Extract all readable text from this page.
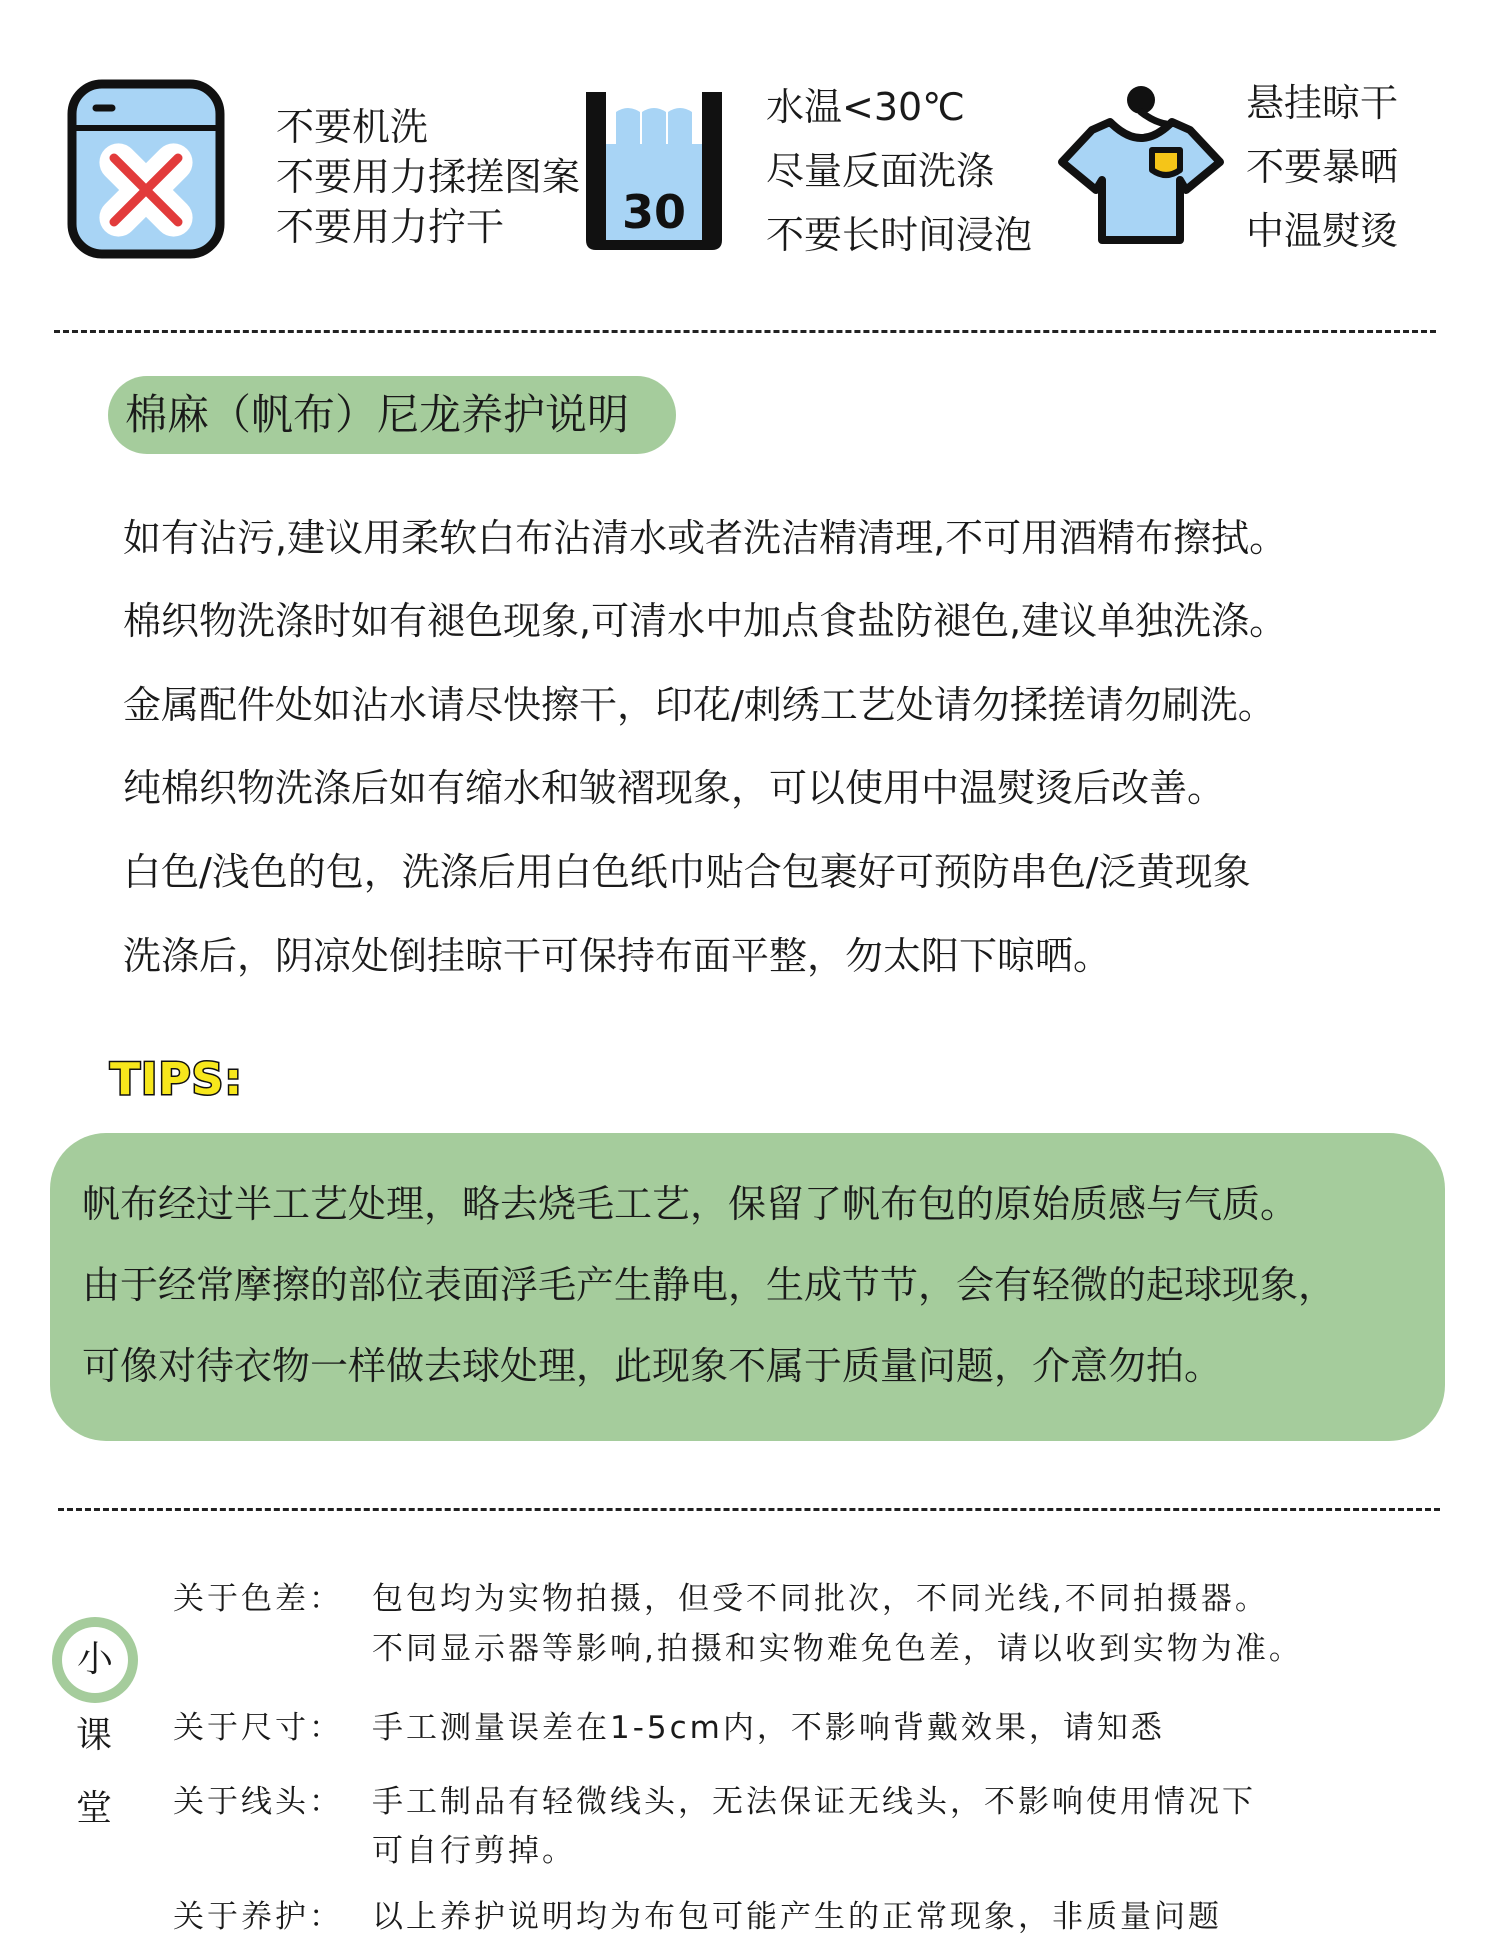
不要机洗
不要用力揉搓图案
不要用力拧干	30
水温<30℃
尽量反面洗涤
不要长时间浸泡
悬挂晾干
不要暴晒
中温熨烫
棉麻（帆布）尼龙养护说明
如有沾污,建议用柔软白布沾清水或者洗洁精清理,不可用酒精布擦拭。
棉织物洗涤时如有褪色现象,可清水中加点食盐防褪色,建议单独洗涤。
金属配件处如沾水请尽快擦干，印花/刺绣工艺处请勿揉搓请勿刷洗。
纯棉织物洗涤后如有缩水和皱褶现象，可以使用中温熨烫后改善。
白色/浅色的包，洗涤后用白色纸巾贴合包裹好可预防串色/泛黄现象
洗涤后，阴凉处倒挂晾干可保持布面平整，勿太阳下晾晒。
TIPS:
帆布经过半工艺处理，略去烧毛工艺，保留了帆布包的原始质感与气质。
由于经常摩擦的部位表面浮毛产生静电，生成节节，会有轻微的起球现象，
可像对待衣物一样做去球处理，此现象不属于质量问题，介意勿拍。
小
课
堂
关于色差： 包包均为实物拍摄，但受不同批次，不同光线,不同拍摄器。
不同显示器等影响,拍摄和实物难免色差，请以收到实物为准。
关于尺寸： 手工测量误差在1-5cm内，不影响背戴效果，请知悉
关于线头： 手工制品有轻微线头，无法保证无线头，不影响使用情况下
可自行剪掉。
关于养护： 以上养护说明均为布包可能产生的正常现象，非质量问题
